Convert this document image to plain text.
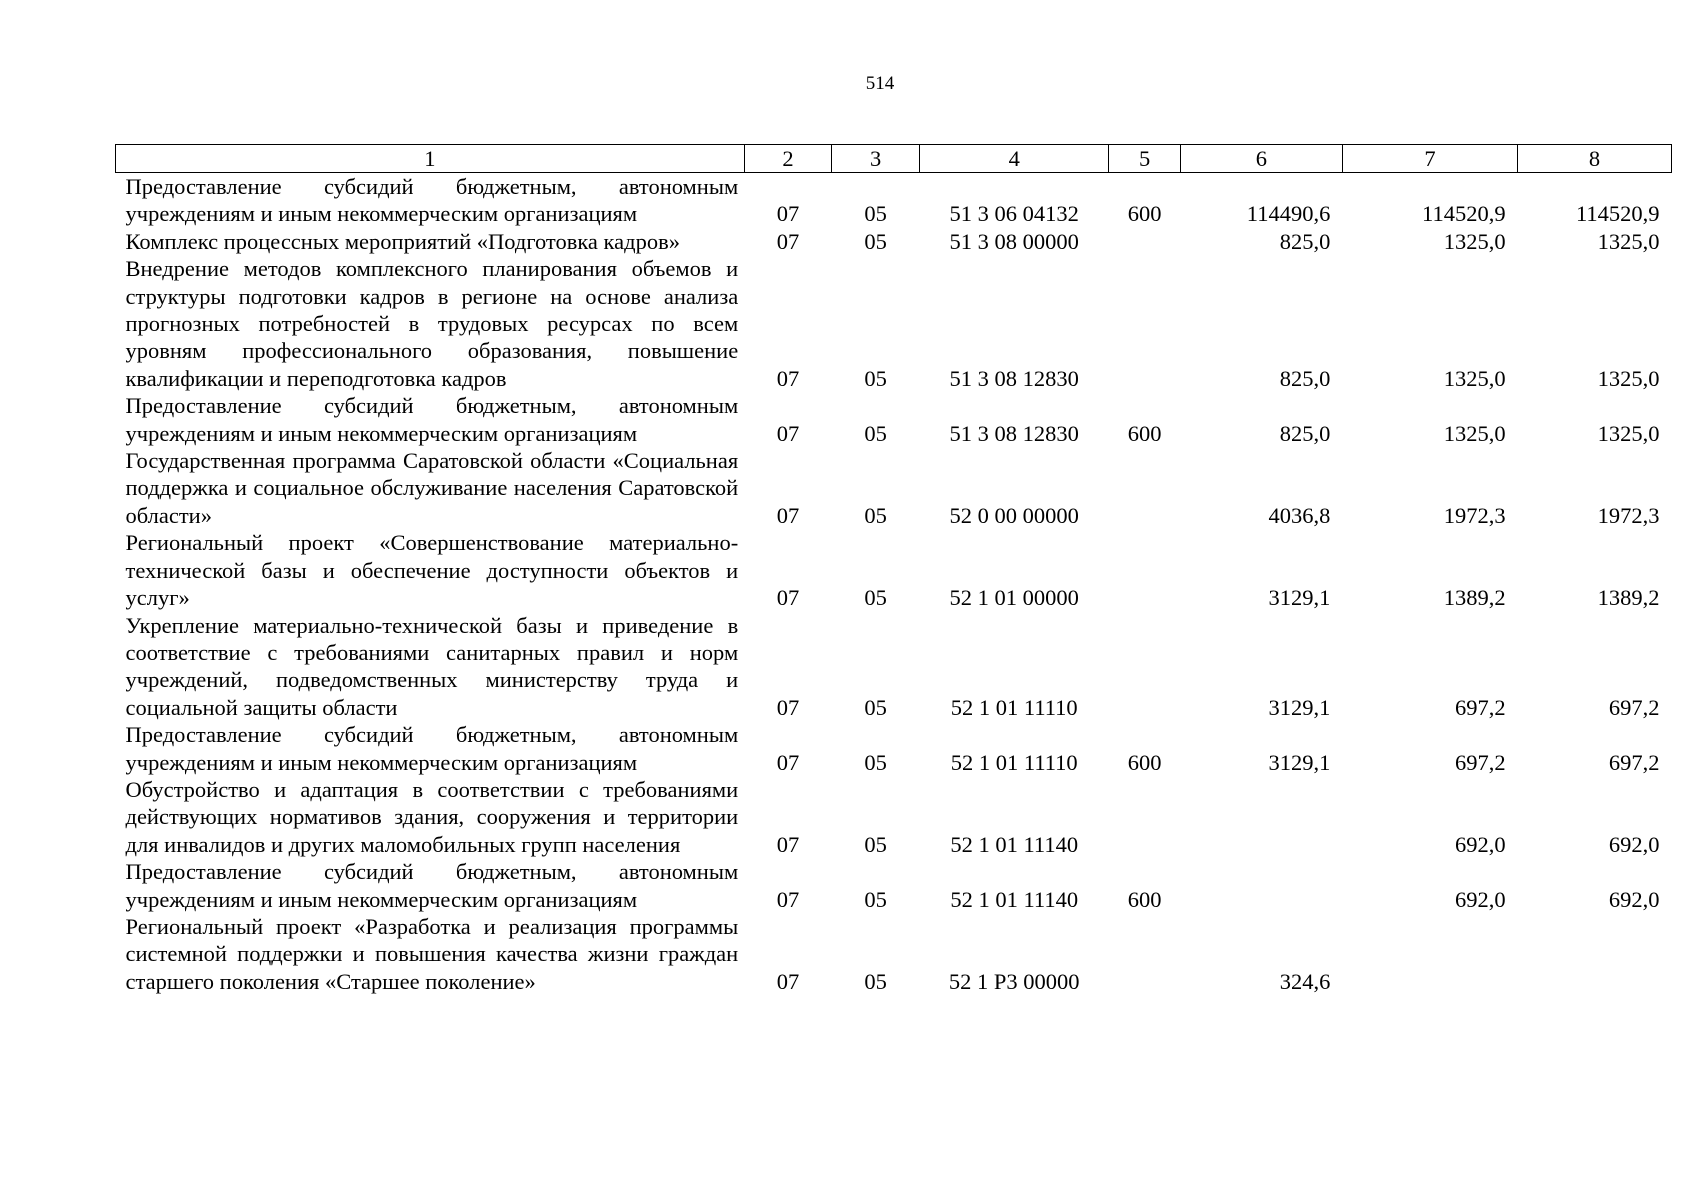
514
1	2	3	4	5	6	7	8
Предоставление субсидий бюджетным, автономным учреждениям и иным некоммерческим организациям	07	05	51 3 06 04132	600	114490,6	114520,9	114520,9
Комплекс процессных мероприятий «Подготовка кадров»	07	05	51 3 08 00000		825,0	1325,0	1325,0
Внедрение методов комплексного планирования объемов и структуры подготовки кадров в регионе на основе анализа прогнозных потребностей в трудовых ресурсах по всем уровням профессионального образования, повышение квалификации и переподготовка кадров	07	05	51 3 08 12830		825,0	1325,0	1325,0
Предоставление субсидий бюджетным, автономным учреждениям и иным некоммерческим организациям	07	05	51 3 08 12830	600	825,0	1325,0	1325,0
Государственная программа Саратовской области «Социальная поддержка и социальное обслуживание населения Саратовской области»	07	05	52 0 00 00000		4036,8	1972,3	1972,3
Региональный проект «Совершенствование материально-технической базы и обеспечение доступности объектов и услуг»	07	05	52 1 01 00000		3129,1	1389,2	1389,2
Укрепление материально-технической базы и приведение в соответствие с требованиями санитарных правил и норм учреждений, подведомственных министерству труда и социальной защиты области	07	05	52 1 01 11110		3129,1	697,2	697,2
Предоставление субсидий бюджетным, автономным учреждениям и иным некоммерческим организациям	07	05	52 1 01 11110	600	3129,1	697,2	697,2
Обустройство и адаптация в соответствии с требованиями действующих нормативов здания, сооружения и территории для инвалидов и других маломобильных групп населения	07	05	52 1 01 11140			692,0	692,0
Предоставление субсидий бюджетным, автономным учреждениям и иным некоммерческим организациям	07	05	52 1 01 11140	600		692,0	692,0
Региональный проект «Разработка и реализация программы системной поддержки и повышения качества жизни граждан старшего поколения «Старшее поколение»	07	05	52 1 P3 00000		324,6		
